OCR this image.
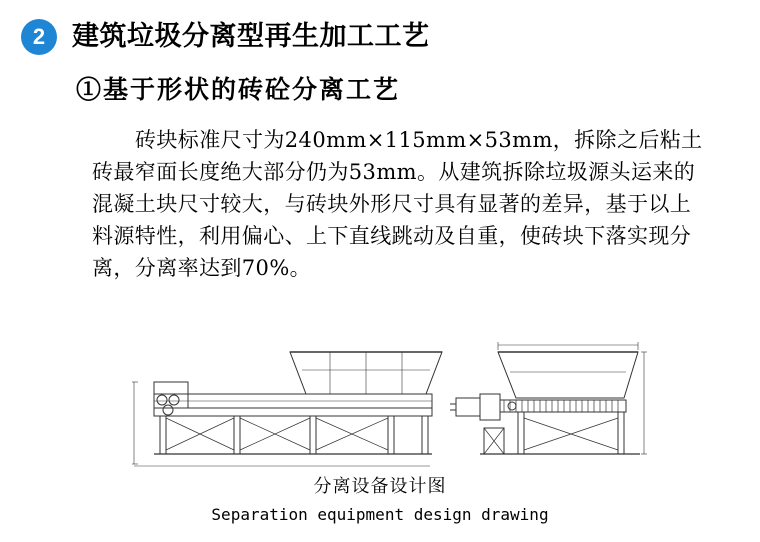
2 建筑垃圾分离型再生加工工艺
①基于形状的砖砼分离工艺

砖块标准尺寸为240mm×115mm×53mm，拆除之后粘土砖最窄面长度绝大部分仍为53mm。从建筑拆除垃圾源头运来的混凝土块尺寸较大，与砖块外形尺寸具有显著的差异，基于以上料源特性，利用偏心、上下直线跳动及自重，使砖块下落实现分离，分离率达到70%。

分离设备设计图
Separation equipment design drawing
